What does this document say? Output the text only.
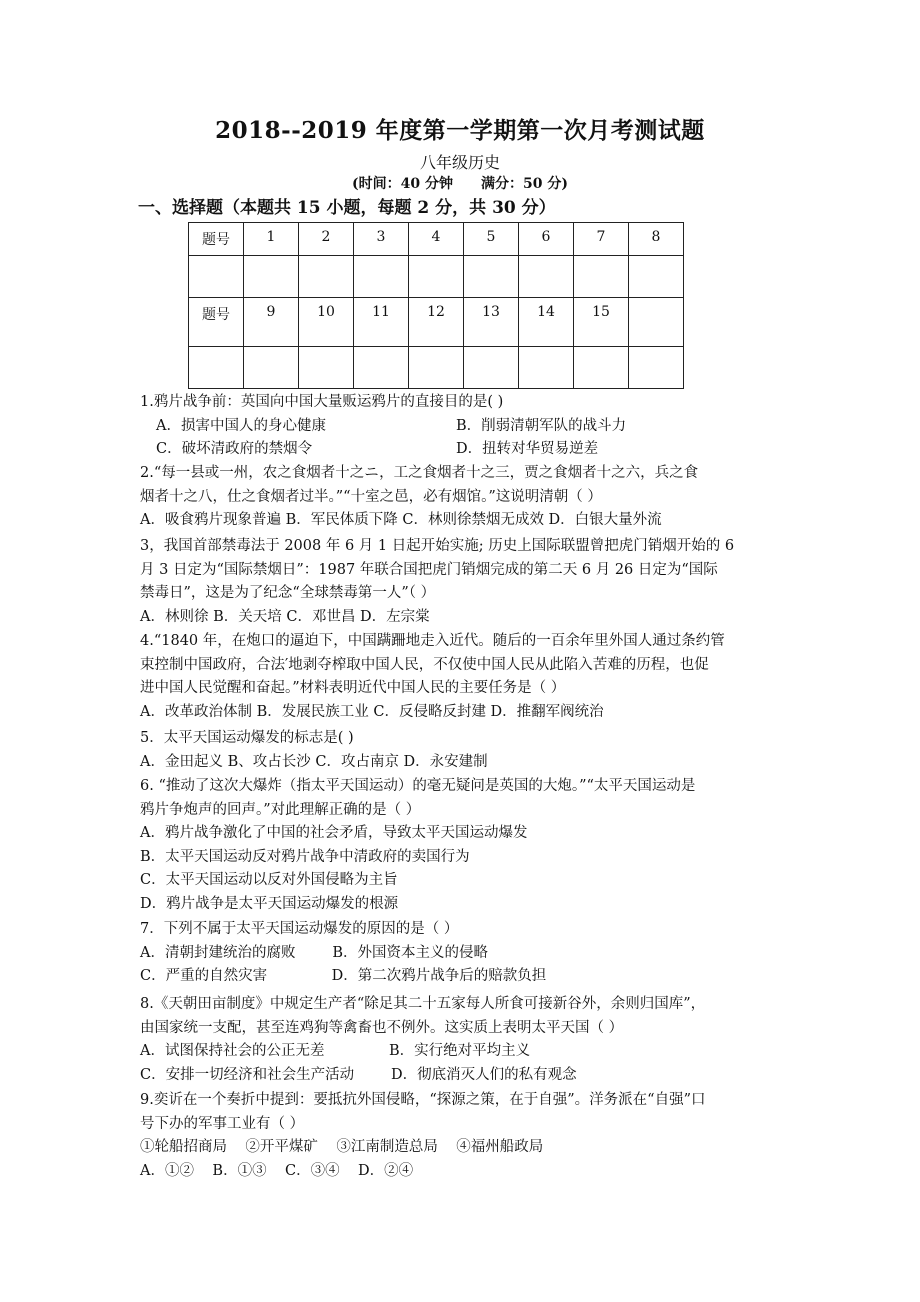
2018--2019 年度第一学期第一次月考测试题
八年级历史
(时间：40 分钟 满分：50 分)
一、选择题（本题共 15 小题，每题 2 分，共 30 分）
题号	1	2	3	4	5	6	7	8

题号	9	10	11	12	13	14	15	

1.鸦片战争前：英国向中国大量贩运鸦片的直接目的是( )
A．损害中国人的身心健康	B．削弱清朝军队的战斗力
C．破坏清政府的禁烟令	D．扭转对华贸易逆差
2.“每一县或一州，农之食烟者十之ニ，工之食烟者十之三，贾之食烟者十之六，兵之食
烟者十之八，仕之食烟者过半。”“十室之邑，必有烟馆。”这说明清朝（ ）
A．吸食鸦片现象普遍 B．军民体质下降 C．林则徐禁烟无成效 D．白银大量外流
3，我国首部禁毒法于 2008 年 6 月 1 日起开始实施; 历史上国际联盟曾把虎门销烟开始的 6
月 3 日定为“国际禁烟日”：1987 年联合国把虎门销烟完成的第二天 6 月 26 日定为“国际
禁毒日”，这是为了纪念“全球禁毒第一人”（ ）
A．林则徐 B．关天培 C．邓世昌 D．左宗棠
4.“1840 年，在炮口的逼迫下，中国蹒跚地走入近代。随后的一百余年里外国人通过条约管
束控制中国政府，合法′地剥夺榨取中国人民，不仅使中国人民从此陷入苦难的历程，也促
进中国人民觉醒和奋起。”材料表明近代中国人民的主要任务是（ ）
A．改革政治体制 B．发展民族工业 C．反侵略反封建 D．推翻军阀统治
5．太平天国运动爆发的标志是( )
A．金田起义 B、攻占长沙 C．攻占南京 D．永安建制
6. “推动了这次大爆炸（指太平天国运动）的毫无疑问是英国的大炮。”“太平天国运动是
鸦片争炮声的回声。”对此理解正确的是（ ）
A．鸦片战争激化了中国的社会矛盾，导致太平天国运动爆发
B．太平天国运动反对鸦片战争中清政府的卖国行为
C．太平天国运动以反对外国侵略为主旨
D．鸦片战争是太平天国运动爆发的根源
7．下列不属于太平天国运动爆发的原因的是（ ）
A．清朝封建统治的腐败        B．外国资本主义的侵略
C．严重的自然灾害              D．第二次鸦片战争后的赔款负担
8.《天朝田亩制度》中规定生产者“除足其二十五家每人所食可接新谷外，余则归国库”，
由国家统一支配，甚至连鸡狗等禽畜也不例外。这实质上表明太平天国（ ）
A．试图保持社会的公正无差              B．实行绝对平均主义
C．安排一切经济和社会生产活动        D．彻底消灭人们的私有观念
9.奕䜣在一个奏折中提到：要抵抗外国侵略，“探源之策，在于自强”。洋务派在“自强”口
号下办的军事工业有（ ）
①轮船招商局    ②开平煤矿    ③江南制造总局    ④福州船政局
A．①②    B．①③    C．③④    D．②④
